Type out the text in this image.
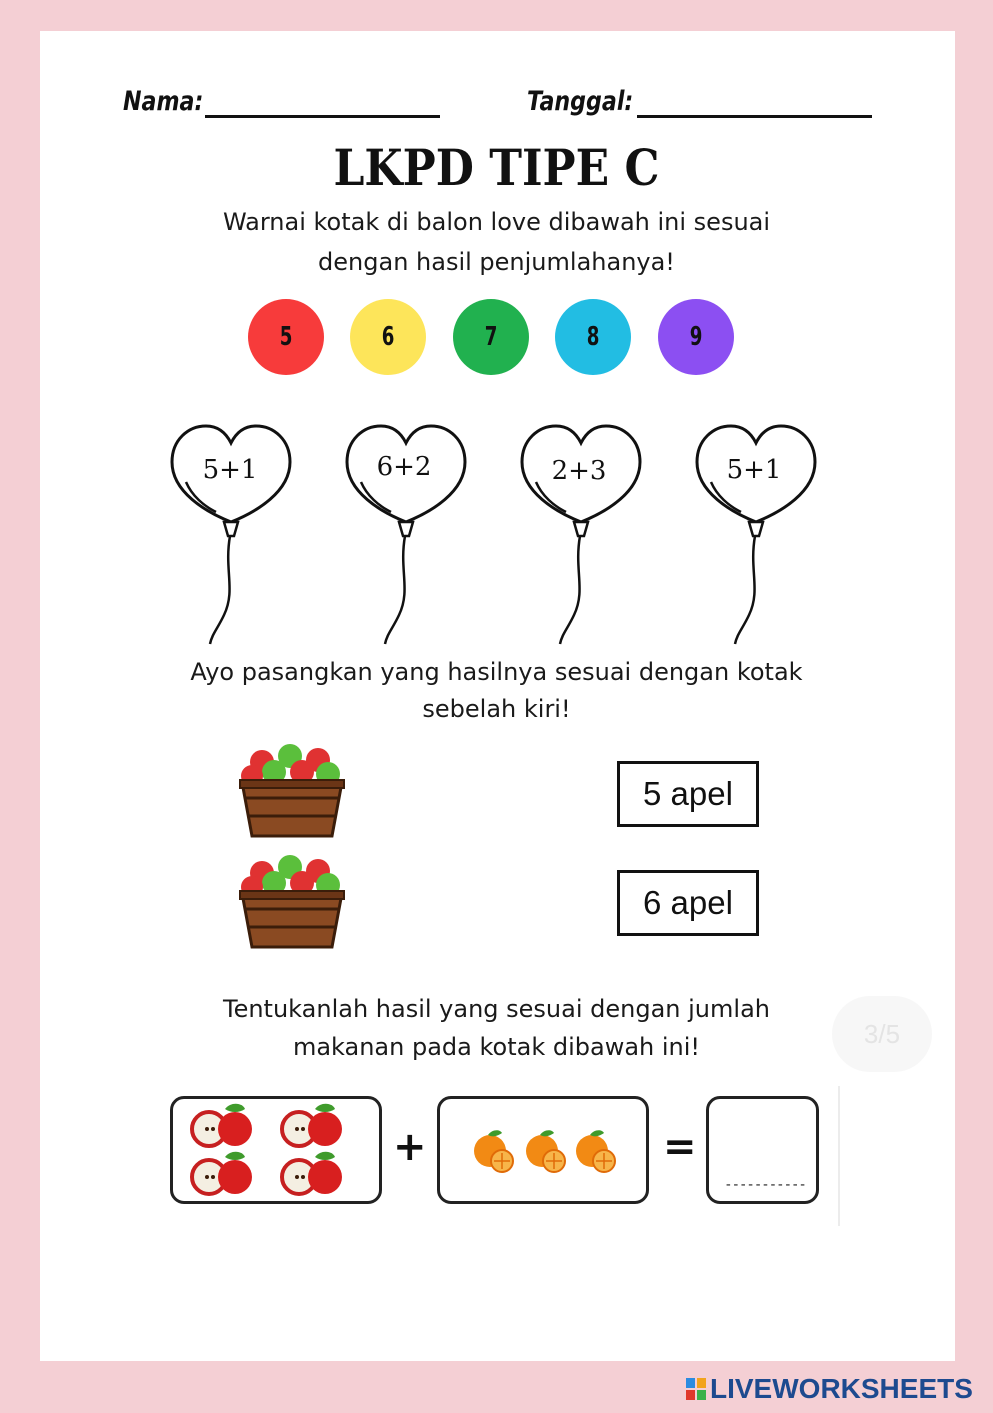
Nama:	Tanggal:
LKPD TIPE C
Warnai kotak di balon love dibawah ini sesuai
dengan hasil penjumlahanya!
5	6	7	8	9
5+1	6+2	2+3	5+1
Ayo pasangkan yang hasilnya sesuai dengan kotak
sebelah kiri!
5 apel
6 apel
Tentukanlah hasil yang sesuai dengan jumlah
makanan pada kotak dibawah ini!
+	=
-----------
3/5
LIVEWORKSHEETS
